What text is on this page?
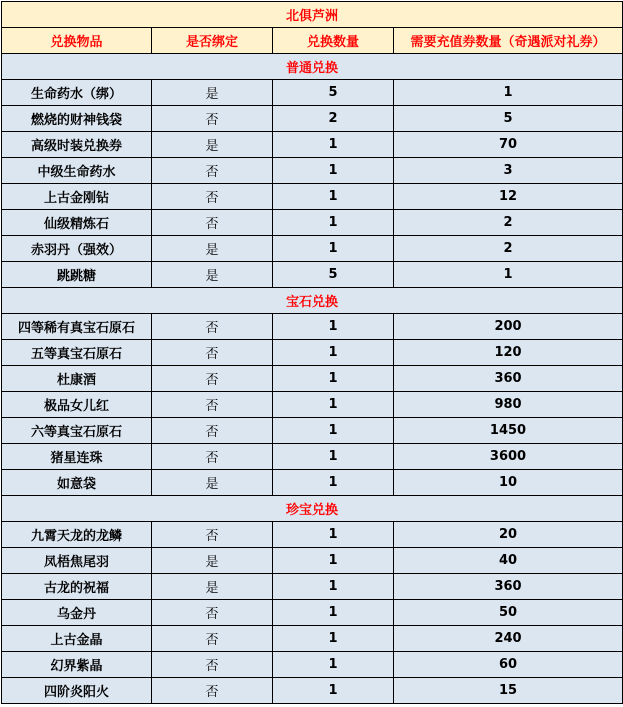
北俱芦洲			
兑换物品	是否绑定	兑换数量	需要充值券数量（奇遇派对礼券）
普通兑换			
生命药水（绑）	是	5	1
燃烧的财神钱袋	否	2	5
高级时装兑换券	是	1	70
中级生命药水	否	1	3
上古金刚钻	否	1	12
仙级精炼石	否	1	2
赤羽丹（强效）	是	1	2
跳跳糖	是	5	1
宝石兑换			
四等稀有真宝石原石	否	1	200
五等真宝石原石	否	1	120
杜康酒	否	1	360
极品女儿红	否	1	980
六等真宝石原石	否	1	1450
猪星连珠	否	1	3600
如意袋	是	1	10
珍宝兑换			
九霄天龙的龙鳞	否	1	20
凤梧焦尾羽	是	1	40
古龙的祝福	是	1	360
乌金丹	否	1	50
上古金晶	否	1	240
幻界紫晶	否	1	60
四阶炎阳火	否	1	15
